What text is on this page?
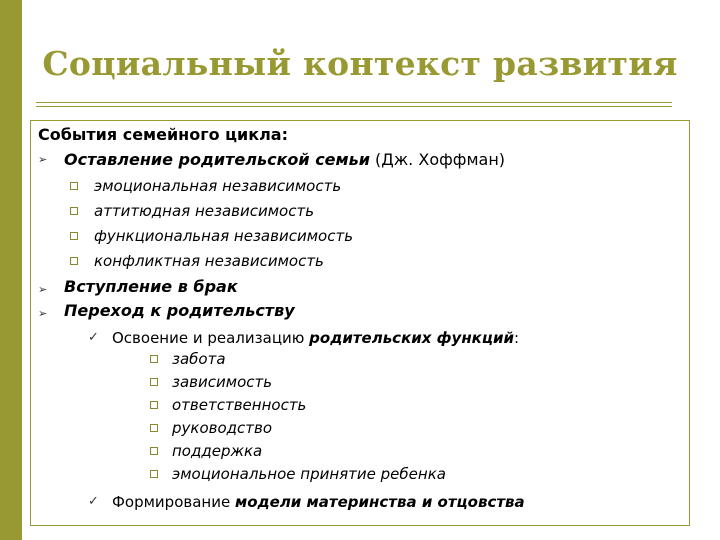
Социальный контекст развития
События семейного цикла:
➢ Оставление родительской семьи (Дж. Хоффман)
эмоциональная независимость
аттитюдная независимость
функциональная независимость
конфликтная независимость
➢ Вступление в брак
➢ Переход к родительству
✓ Освоение и реализацию родительских функций:
забота
зависимость
ответственность
руководство
поддержка
эмоциональное принятие ребенка
✓ Формирование модели материнства и отцовства
